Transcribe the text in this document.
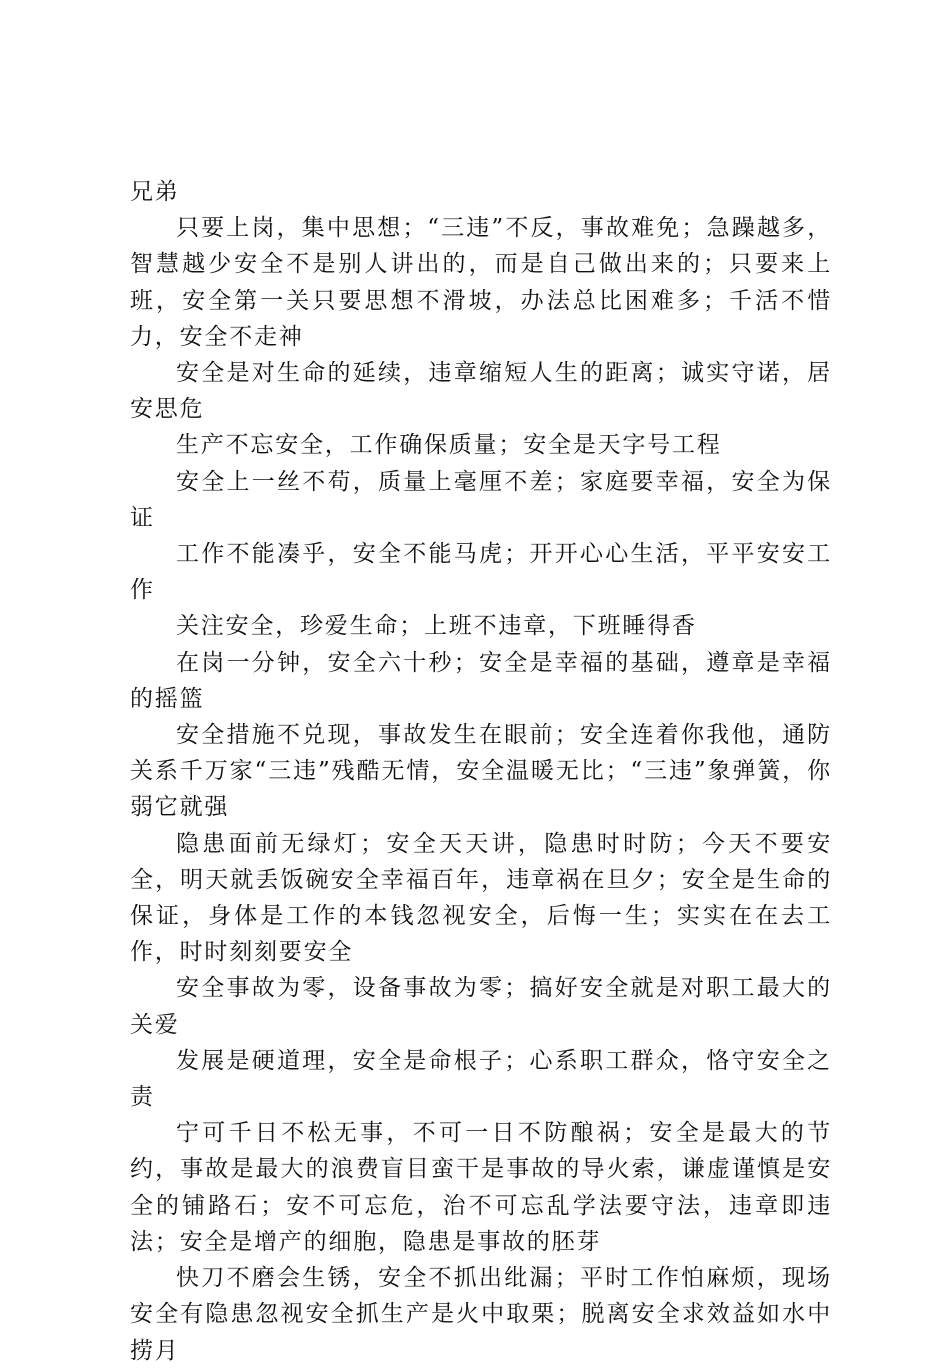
兄弟

只要上岗，集中思想；“三违”不反，事故难免；急躁越多，智慧越少安全不是别人讲出的，而是自己做出来的；只要来上班，安全第一关只要思想不滑坡，办法总比困难多；千活不惜力，安全不走神

安全是对生命的延续，违章缩短人生的距离；诚实守诺，居安思危

生产不忘安全，工作确保质量；安全是天字号工程

安全上一丝不苟，质量上毫厘不差；家庭要幸福，安全为保证

工作不能凑乎，安全不能马虎；开开心心生活，平平安安工作

关注安全，珍爱生命；上班不违章，下班睡得香

在岗一分钟，安全六十秒；安全是幸福的基础，遵章是幸福的摇篮

安全措施不兑现，事故发生在眼前；安全连着你我他，通防关系千万家“三违”残酷无情，安全温暖无比；“三违”象弹簧，你弱它就强

隐患面前无绿灯；安全天天讲，隐患时时防；今天不要安全，明天就丢饭碗安全幸福百年，违章祸在旦夕；安全是生命的保证，身体是工作的本钱忽视安全，后悔一生；实实在在去工作，时时刻刻要安全

安全事故为零，设备事故为零；搞好安全就是对职工最大的关爱

发展是硬道理，安全是命根子；心系职工群众，恪守安全之责

宁可千日不松无事，不可一日不防酿祸；安全是最大的节约，事故是最大的浪费盲目蛮干是事故的导火索，谦虚谨慎是安全的铺路石；安不可忘危，治不可忘乱学法要守法，违章即违法；安全是增产的细胞，隐患是事故的胚芽

快刀不磨会生锈，安全不抓出纰漏；平时工作怕麻烦，现场安全有隐患忽视安全抓生产是火中取栗；脱离安全求效益如水中捞月
